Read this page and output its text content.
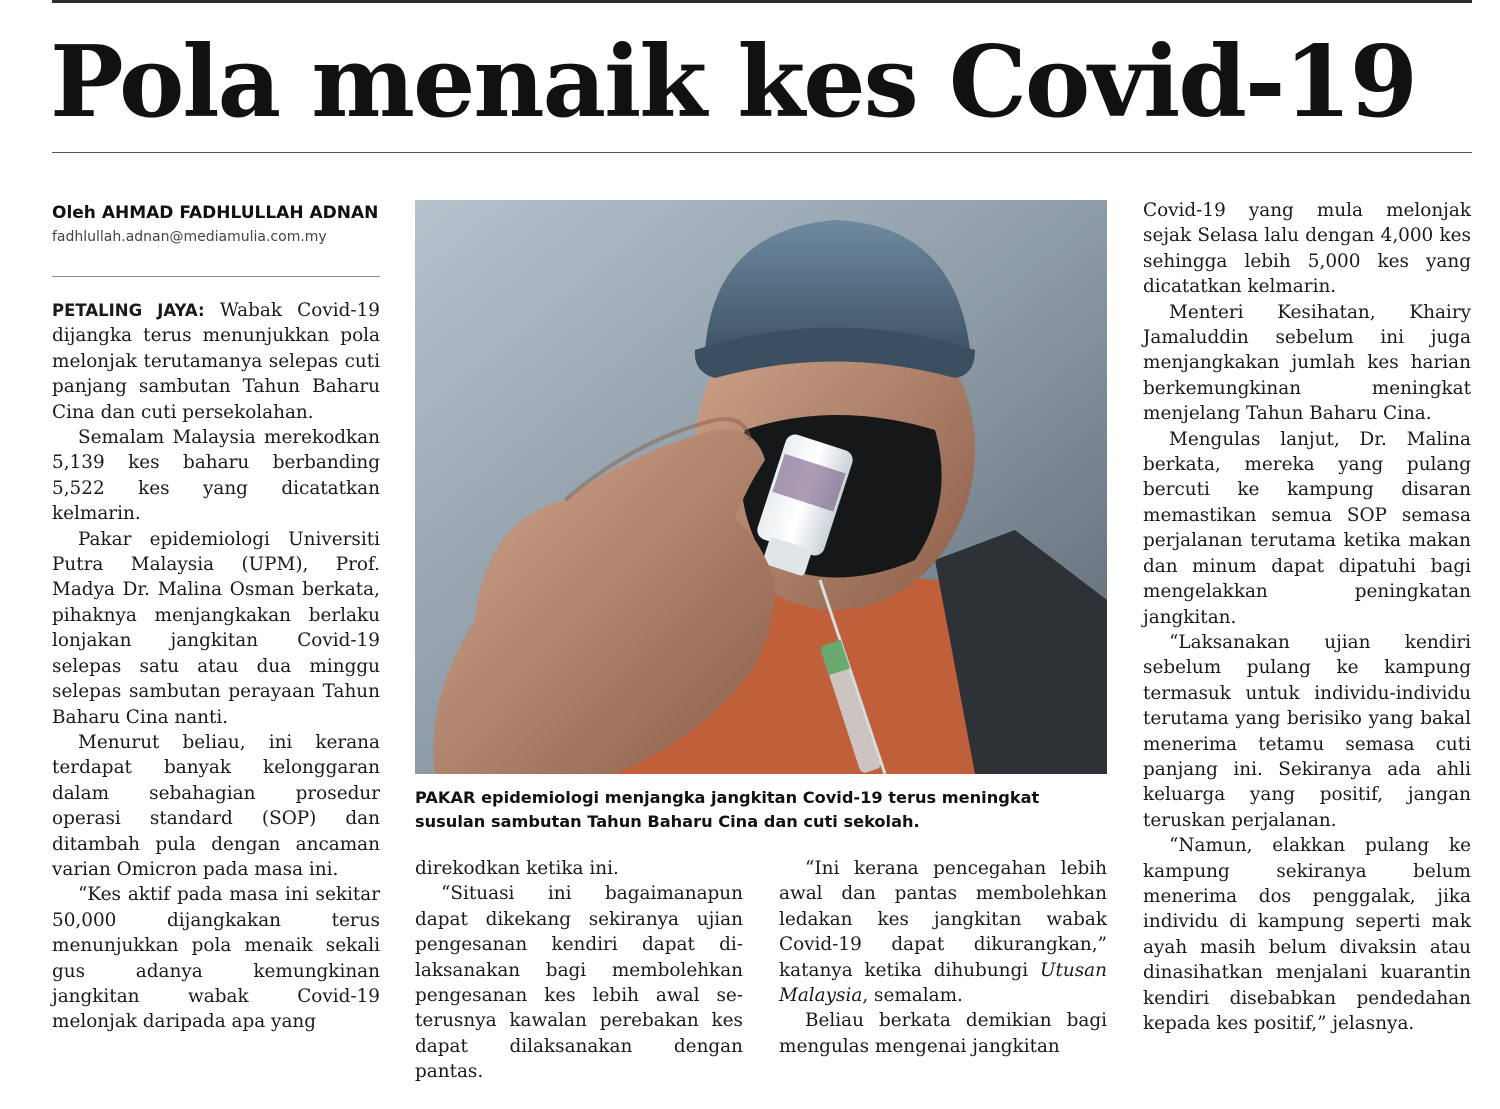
Pola menaik kes Covid-19
Oleh AHMAD FADHLULLAH ADNAN
fadhlullah.adnan@mediamulia.com.my

PETALING JAYA: Wabak Covid-19 dijangka terus menunjukkan pola melonjak terutamanya selepas cuti panjang sambutan Tahun Baharu Cina dan cuti persekolahan.

Semalam Malaysia merekodkan 5,139 kes baharu berbanding 5,522 kes yang dicatatkan kelmarin.

Pakar epidemiologi Universiti Putra Malaysia (UPM), Prof. Madya Dr. Malina Osman berkata, pihaknya menjangkakan berlaku lonjakan jangkitan Covid-19 selepas satu atau dua minggu selepas sambutan perayaan Tahun Baharu Cina nanti.

Menurut beliau, ini kerana terdapat banyak kelonggaran dalam sebahagian prosedur operasi standard (SOP) dan ditambah pula dengan ancaman varian Omicron pada masa ini.

“Kes aktif pada masa ini sekitar 50,000 dijangkakan terus menunjukkan pola menaik sekali gus adanya kemungkinan jangkitan wabak Covid-19 melonjak daripada apa yang

PAKAR epidemiologi menjangka jangkitan Covid-19 terus meningkat susulan sambutan Tahun Baharu Cina dan cuti sekolah.

direkodkan ketika ini.

“Situasi ini bagaimanapun dapat dikekang sekiranya ujian pengesanan kendiri dapat dilaksanakan bagi membolehkan pengesanan kes lebih awal seterusnya kawalan perebakan kes dapat dilaksanakan dengan pantas.

“Ini kerana pencegahan lebih awal dan pantas membolehkan ledakan kes jangkitan wabak Covid-19 dapat dikurangkan,” katanya ketika dihubungi Utusan Malaysia, semalam.

Beliau berkata demikian bagi mengulas mengenai jangkitan

Covid-19 yang mula melonjak sejak Selasa lalu dengan 4,000 kes sehingga lebih 5,000 kes yang dicatatkan kelmarin.

Menteri Kesihatan, Khairy Jamaluddin sebelum ini juga menjangkakan jumlah kes harian berkemungkinan meningkat menjelang Tahun Baharu Cina.

Mengulas lanjut, Dr. Malina berkata, mereka yang pulang bercuti ke kampung disaran memastikan semua SOP semasa perjalanan terutama ketika makan dan minum dapat dipatuhi bagi mengelakkan peningkatan jangkitan.

“Laksanakan ujian kendiri sebelum pulang ke kampung termasuk untuk individu-individu terutama yang berisiko yang bakal menerima tetamu semasa cuti panjang ini. Sekiranya ada ahli keluarga yang positif, jangan teruskan perjalanan.

“Namun, elakkan pulang ke kampung sekiranya belum menerima dos penggalak, jika individu di kampung seperti mak ayah masih belum divaksin atau dinasihatkan menjalani kuarantin kendiri disebabkan pendedahan kepada kes positif,” jelasnya.
